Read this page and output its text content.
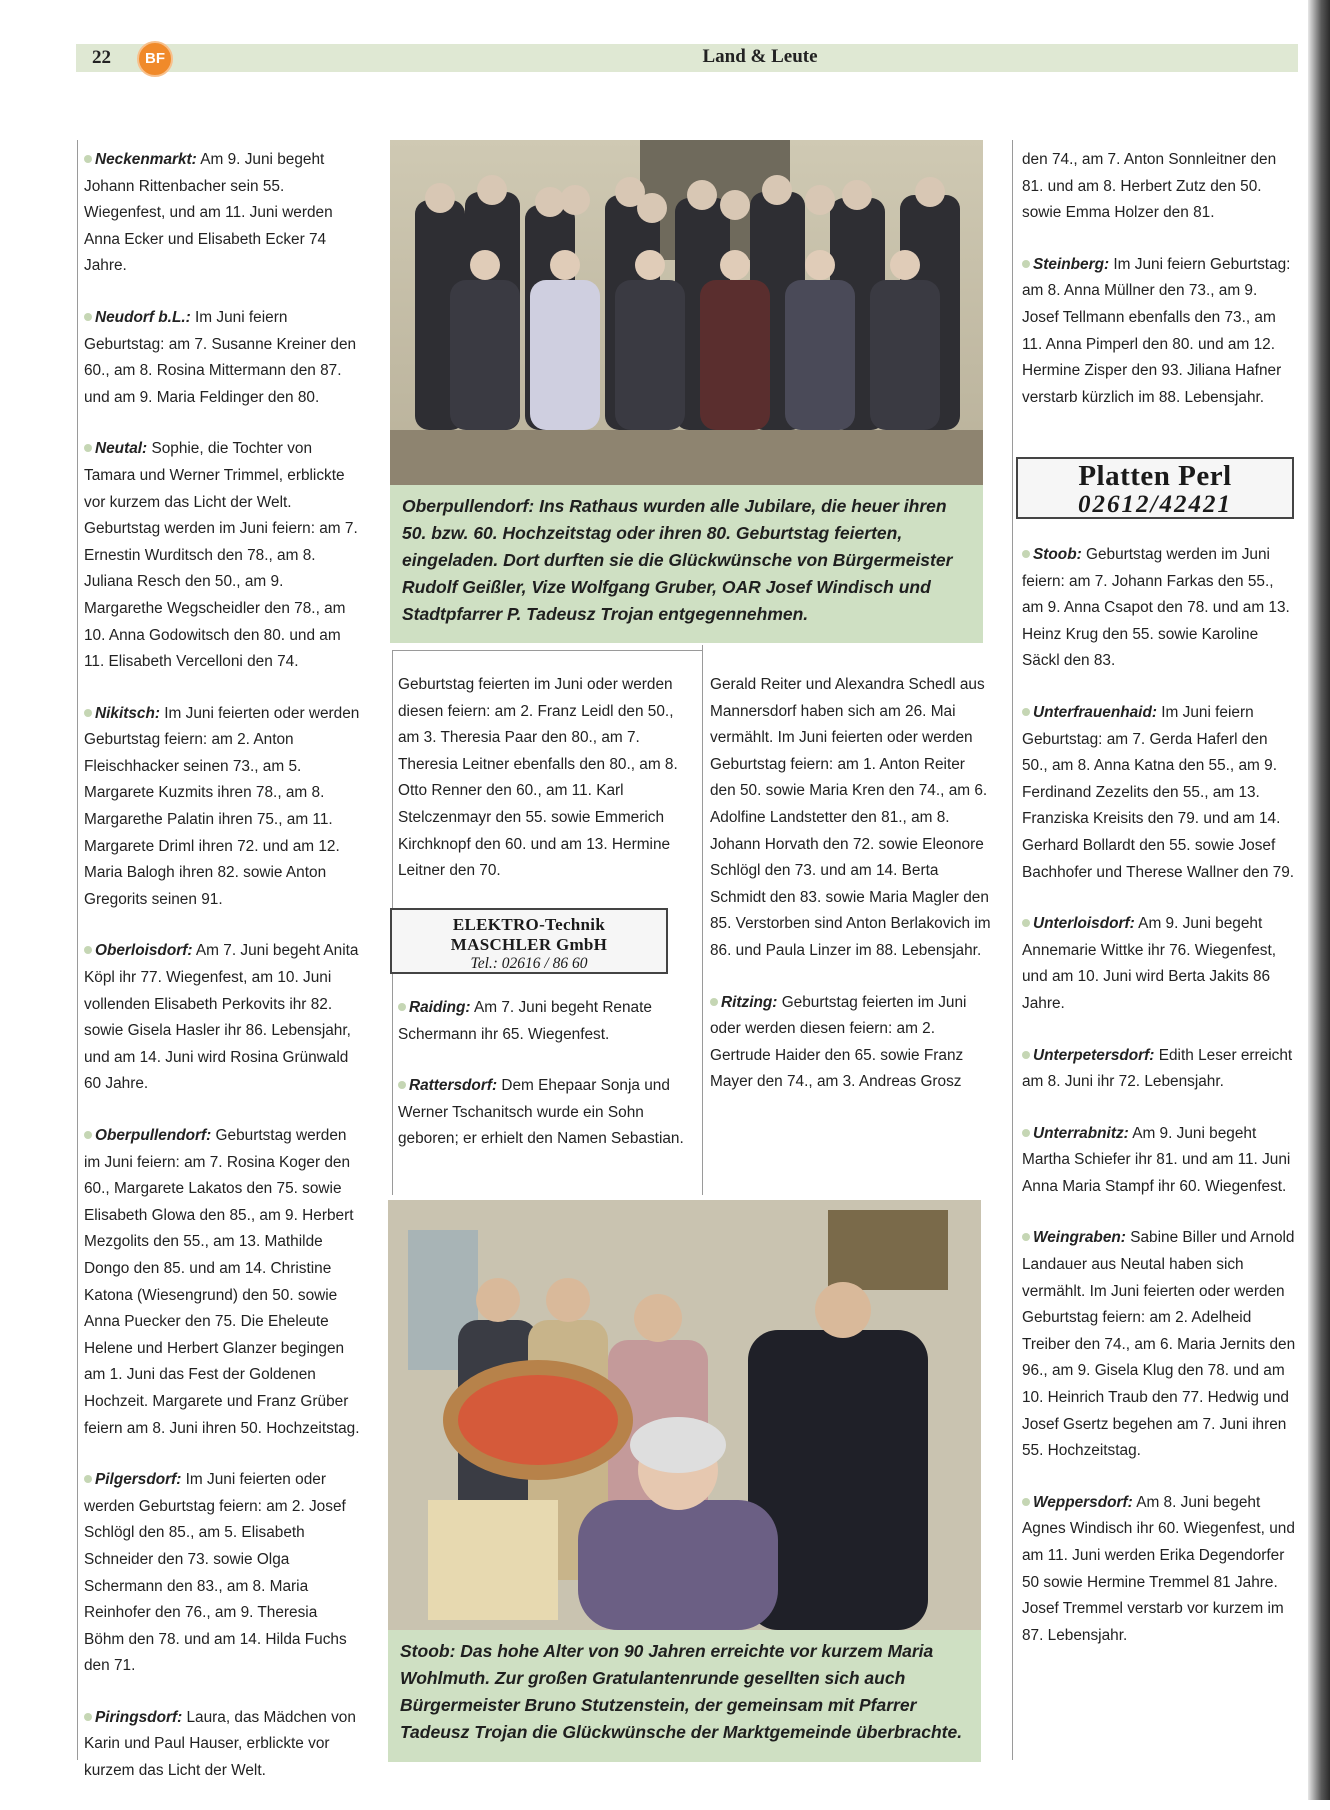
22	BF	Land & Leute

Neckenmarkt: Am 9. Juni begeht Johann Rittenbacher sein 55. Wiegenfest, und am 11. Juni werden Anna Ecker und Elisabeth Ecker 74 Jahre.

Neudorf b.L.: Im Juni feiern Geburtstag: am 7. Susanne Kreiner den 60., am 8. Rosina Mittermann den 87. und am 9. Maria Feldinger den 80.

Neutal: Sophie, die Tochter von Tamara und Werner Trimmel, erblickte vor kurzem das Licht der Welt. Geburtstag werden im Juni feiern: am 7. Ernestin Wurditsch den 78., am 8. Juliana Resch den 50., am 9. Margarethe Wegscheidler den 78., am 10. Anna Godowitsch den 80. und am 11. Elisabeth Vercelloni den 74.

Nikitsch: Im Juni feierten oder werden Geburtstag feiern: am 2. Anton Fleischhacker seinen 73., am 5. Margarete Kuzmits ihren 78., am 8. Margarethe Palatin ihren 75., am 11. Margarete Driml ihren 72. und am 12. Maria Balogh ihren 82. sowie Anton Gregorits seinen 91.

Oberloisdorf: Am 7. Juni begeht Anita Köpl ihr 77. Wiegenfest, am 10. Juni vollenden Elisabeth Perkovits ihr 82. sowie Gisela Hasler ihr 86. Lebensjahr, und am 14. Juni wird Rosina Grünwald 60 Jahre.

Oberpullendorf: Geburtstag werden im Juni feiern: am 7. Rosina Koger den 60., Margarete Lakatos den 75. sowie Elisabeth Glowa den 85., am 9. Herbert Mezgolits den 55., am 13. Mathilde Dongo den 85. und am 14. Christine Katona (Wiesengrund) den 50. sowie Anna Puecker den 75. Die Eheleute Helene und Herbert Glanzer begingen am 1. Juni das Fest der Goldenen Hochzeit. Margarete und Franz Grüber feiern am 8. Juni ihren 50. Hochzeitstag.

Pilgersdorf: Im Juni feierten oder werden Geburtstag feiern: am 2. Josef Schlögl den 85., am 5. Elisabeth Schneider den 73. sowie Olga Schermann den 83., am 8. Maria Reinhofer den 76., am 9. Theresia Böhm den 78. und am 14. Hilda Fuchs den 71.

Piringsdorf: Laura, das Mädchen von Karin und Paul Hauser, erblickte vor kurzem das Licht der Welt.

Oberpullendorf: Ins Rathaus wurden alle Jubilare, die heuer ihren 50. bzw. 60. Hochzeitstag oder ihren 80. Geburtstag feierten, eingeladen. Dort durften sie die Glückwünsche von Bürgermeister Rudolf Geißler, Vize Wolfgang Gruber, OAR Josef Windisch und Stadtpfarrer P. Tadeusz Trojan entgegennehmen.

Geburtstag feierten im Juni oder werden diesen feiern: am 2. Franz Leidl den 50., am 3. Theresia Paar den 80., am 7. Theresia Leitner ebenfalls den 80., am 8. Otto Renner den 60., am 11. Karl Stelczenmayr den 55. sowie Emmerich Kirchknopf den 60. und am 13. Hermine Leitner den 70.

ELEKTRO-Technik
MASCHLER GmbH
Tel.: 02616 / 86 60

Raiding: Am 7. Juni begeht Renate Schermann ihr 65. Wiegenfest.

Rattersdorf: Dem Ehepaar Sonja und Werner Tschanitsch wurde ein Sohn geboren; er erhielt den Namen Sebastian.

Gerald Reiter und Alexandra Schedl aus Mannersdorf haben sich am 26. Mai vermählt. Im Juni feierten oder werden Geburtstag feiern: am 1. Anton Reiter den 50. sowie Maria Kren den 74., am 6. Adolfine Landstetter den 81., am 8. Johann Horvath den 72. sowie Eleonore Schlögl den 73. und am 14. Berta Schmidt den 83. sowie Maria Magler den 85. Verstorben sind Anton Berlakovich im 86. und Paula Linzer im 88. Lebensjahr.

Ritzing: Geburtstag feierten im Juni oder werden diesen feiern: am 2. Gertrude Haider den 65. sowie Franz Mayer den 74., am 3. Andreas Grosz

Stoob: Das hohe Alter von 90 Jahren erreichte vor kurzem Maria Wohlmuth. Zur großen Gratulantenrunde gesellten sich auch Bürgermeister Bruno Stutzenstein, der gemeinsam mit Pfarrer Tadeusz Trojan die Glückwünsche der Marktgemeinde überbrachte.

den 74., am 7. Anton Sonnleitner den 81. und am 8. Herbert Zutz den 50. sowie Emma Holzer den 81.

Steinberg: Im Juni feiern Geburtstag: am 8. Anna Müllner den 73., am 9. Josef Tellmann ebenfalls den 73., am 11. Anna Pimperl den 80. und am 12. Hermine Zisper den 93. Jiliana Hafner verstarb kürzlich im 88. Lebensjahr.

Platten Perl
02612/42421

Stoob: Geburtstag werden im Juni feiern: am 7. Johann Farkas den 55., am 9. Anna Csapot den 78. und am 13. Heinz Krug den 55. sowie Karoline Säckl den 83.

Unterfrauenhaid: Im Juni feiern Geburtstag: am 7. Gerda Haferl den 50., am 8. Anna Katna den 55., am 9. Ferdinand Zezelits den 55., am 13. Franziska Kreisits den 79. und am 14. Gerhard Bollardt den 55. sowie Josef Bachhofer und Therese Wallner den 79.

Unterloisdorf: Am 9. Juni begeht Annemarie Wittke ihr 76. Wiegenfest, und am 10. Juni wird Berta Jakits 86 Jahre.

Unterpetersdorf: Edith Leser erreicht am 8. Juni ihr 72. Lebensjahr.

Unterrabnitz: Am 9. Juni begeht Martha Schiefer ihr 81. und am 11. Juni Anna Maria Stampf ihr 60. Wiegenfest.

Weingraben: Sabine Biller und Arnold Landauer aus Neutal haben sich vermählt. Im Juni feierten oder werden Geburtstag feiern: am 2. Adelheid Treiber den 74., am 6. Maria Jernits den 96., am 9. Gisela Klug den 78. und am 10. Heinrich Traub den 77. Hedwig und Josef Gsertz begehen am 7. Juni ihren 55. Hochzeitstag.

Weppersdorf: Am 8. Juni begeht Agnes Windisch ihr 60. Wiegenfest, und am 11. Juni werden Erika Degendorfer 50 sowie Hermine Tremmel 81 Jahre. Josef Tremmel verstarb vor kurzem im 87. Lebensjahr.
